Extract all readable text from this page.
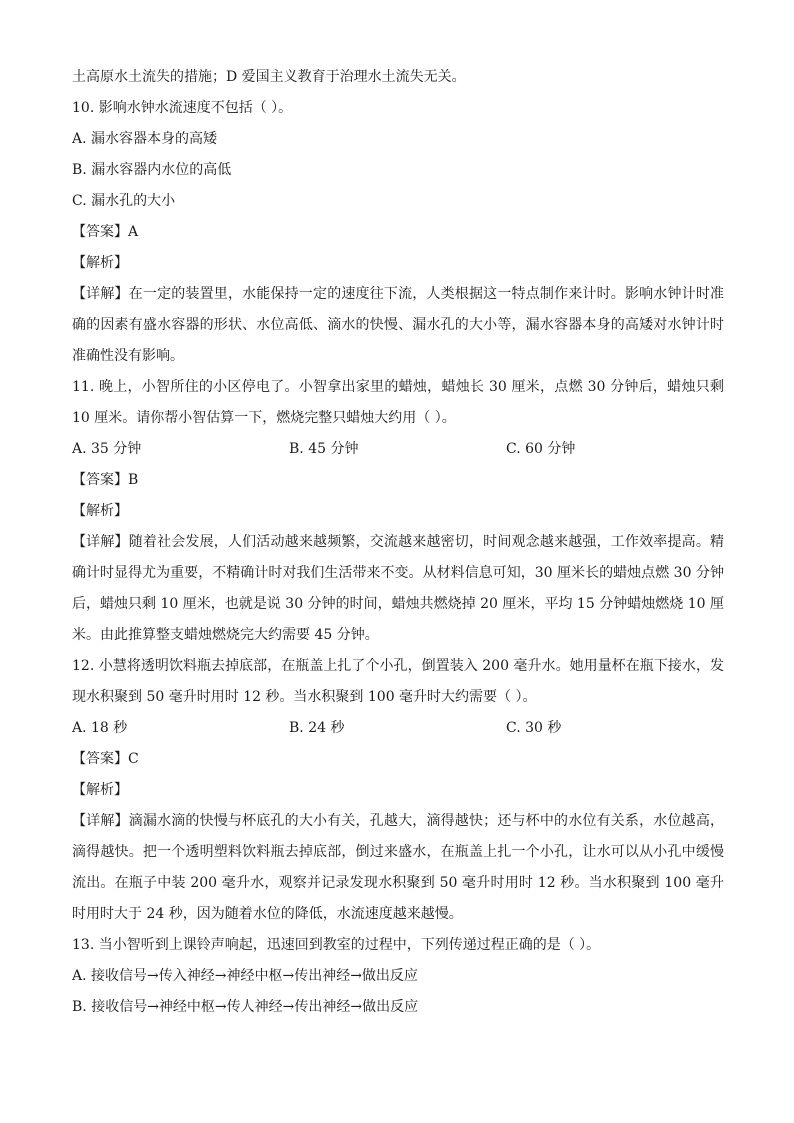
土高原水土流失的措施；D 爱国主义教育于治理水土流失无关。
10. 影响水钟水流速度不包括（ ）。
A. 漏水容器本身的高矮
B. 漏水容器内水位的高低
C. 漏水孔的大小
【答案】A
【解析】
【详解】在一定的装置里，水能保持一定的速度往下流，人类根据这一特点制作来计时。影响水钟计时准确的因素有盛水容器的形状、水位高低、滴水的快慢、漏水孔的大小等，漏水容器本身的高矮对水钟计时准确性没有影响。
11. 晚上，小智所住的小区停电了。小智拿出家里的蜡烛，蜡烛长 30 厘米，点燃 30 分钟后，蜡烛只剩 10 厘米。请你帮小智估算一下，燃烧完整只蜡烛大约用（ ）。
A. 35 分钟	B. 45 分钟	C. 60 分钟
【答案】B
【解析】
【详解】随着社会发展，人们活动越来越频繁，交流越来越密切，时间观念越来越强，工作效率提高。精确计时显得尤为重要，不精确计时对我们生活带来不变。从材料信息可知，30 厘米长的蜡烛点燃 30 分钟后，蜡烛只剩 10 厘米，也就是说 30 分钟的时间，蜡烛共燃烧掉 20 厘米，平均 15 分钟蜡烛燃烧 10 厘米。由此推算整支蜡烛燃烧完大约需要 45 分钟。
12. 小慧将透明饮料瓶去掉底部，在瓶盖上扎了个小孔，倒置装入 200 毫升水。她用量杯在瓶下接水，发现水积聚到 50 毫升时用时 12 秒。当水积聚到 100 毫升时大约需要（ ）。
A. 18 秒	B. 24 秒	C. 30 秒
【答案】C
【解析】
【详解】滴漏水滴的快慢与杯底孔的大小有关，孔越大，滴得越快；还与杯中的水位有关系，水位越高，滴得越快。把一个透明塑料饮料瓶去掉底部，倒过来盛水，在瓶盖上扎一个小孔，让水可以从小孔中缓慢流出。在瓶子中装 200 毫升水，观察并记录发现水积聚到 50 毫升时用时 12 秒。当水积聚到 100 毫升时用时大于 24 秒，因为随着水位的降低，水流速度越来越慢。
13. 当小智听到上课铃声响起，迅速回到教室的过程中，下列传递过程正确的是（ ）。
A. 接收信号→传入神经→神经中枢→传出神经→做出反应
B. 接收信号→神经中枢→传人神经→传出神经→做出反应
